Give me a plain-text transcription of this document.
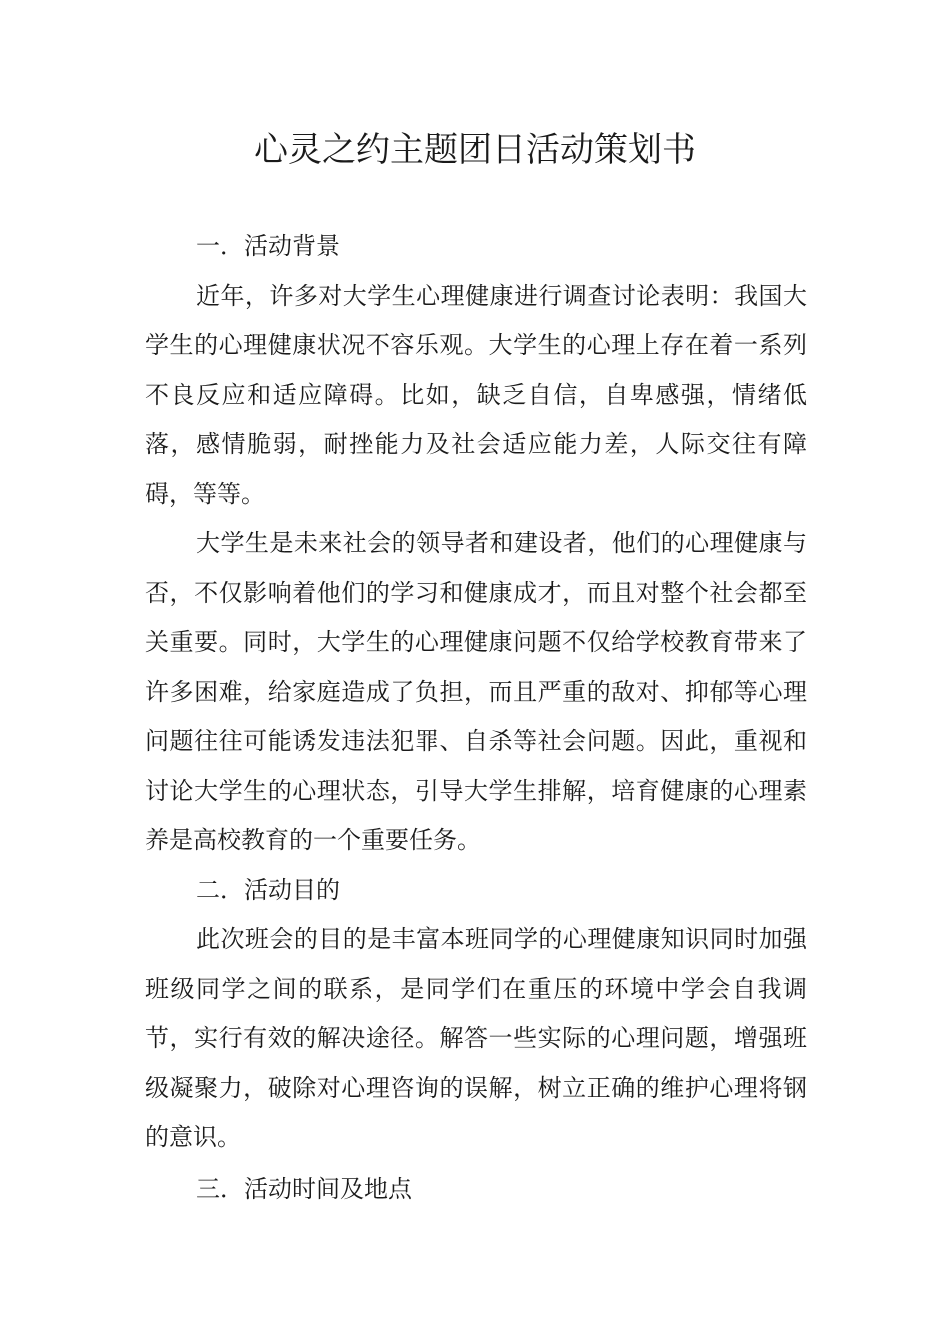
心灵之约主题团日活动策划书

一．活动背景

近年，许多对大学生心理健康进行调查讨论表明：我国大学生的心理健康状况不容乐观。大学生的心理上存在着一系列不良反应和适应障碍。比如，缺乏自信，自卑感强，情绪低落，感情脆弱，耐挫能力及社会适应能力差，人际交往有障碍，等等。

大学生是未来社会的领导者和建设者，他们的心理健康与否，不仅影响着他们的学习和健康成才，而且对整个社会都至关重要。同时，大学生的心理健康问题不仅给学校教育带来了许多困难，给家庭造成了负担，而且严重的敌对、抑郁等心理问题往往可能诱发违法犯罪、自杀等社会问题。因此，重视和讨论大学生的心理状态，引导大学生排解，培育健康的心理素养是高校教育的一个重要任务。

二．活动目的

此次班会的目的是丰富本班同学的心理健康知识同时加强班级同学之间的联系，是同学们在重压的环境中学会自我调节，实行有效的解决途径。解答一些实际的心理问题，增强班级凝聚力，破除对心理咨询的误解，树立正确的维护心理将钢的意识。

三．活动时间及地点
